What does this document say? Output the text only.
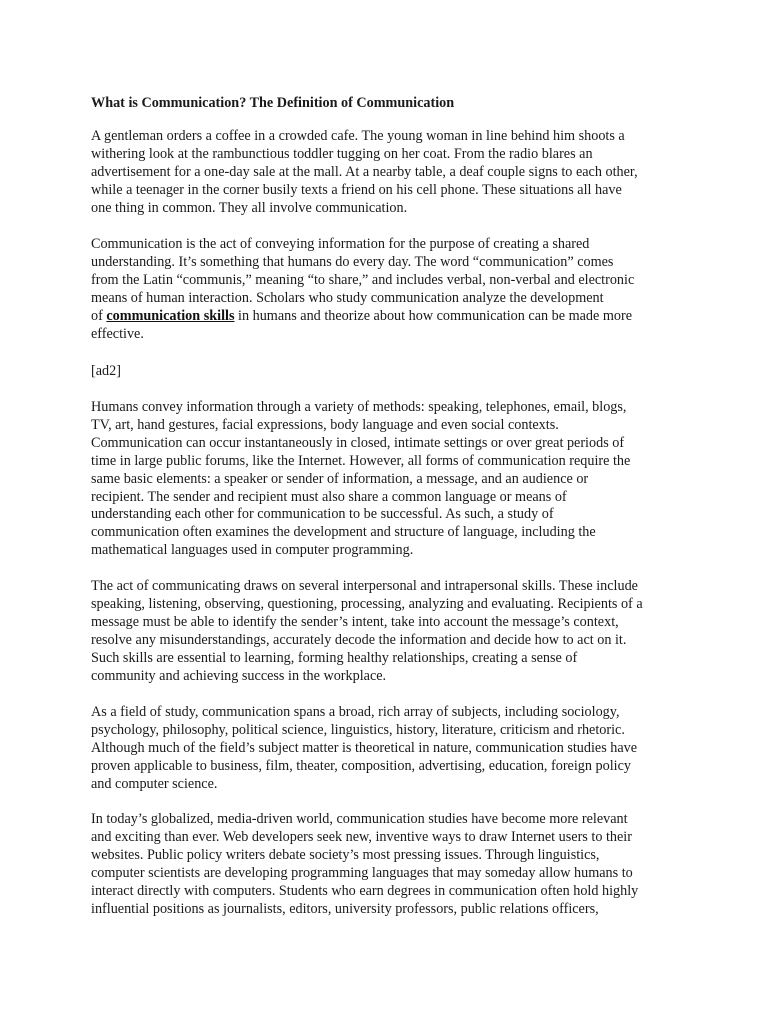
What is Communication? The Definition of Communication
A gentleman orders a coffee in a crowded cafe. The young woman in line behind him shoots a
withering look at the rambunctious toddler tugging on her coat. From the radio blares an
advertisement for a one-day sale at the mall. At a nearby table, a deaf couple signs to each other,
while a teenager in the corner busily texts a friend on his cell phone. These situations all have
one thing in common. They all involve communication.
Communication is the act of conveying information for the purpose of creating a shared
understanding. It’s something that humans do every day. The word “communication” comes
from the Latin “communis,” meaning “to share,” and includes verbal, non-verbal and electronic
means of human interaction. Scholars who study communication analyze the development
of communication skills in humans and theorize about how communication can be made more
effective.
[ad2]
Humans convey information through a variety of methods: speaking, telephones, email, blogs,
TV, art, hand gestures, facial expressions, body language and even social contexts.
Communication can occur instantaneously in closed, intimate settings or over great periods of
time in large public forums, like the Internet. However, all forms of communication require the
same basic elements: a speaker or sender of information, a message, and an audience or
recipient. The sender and recipient must also share a common language or means of
understanding each other for communication to be successful. As such, a study of
communication often examines the development and structure of language, including the
mathematical languages used in computer programming.
The act of communicating draws on several interpersonal and intrapersonal skills. These include
speaking, listening, observing, questioning, processing, analyzing and evaluating. Recipients of a
message must be able to identify the sender’s intent, take into account the message’s context,
resolve any misunderstandings, accurately decode the information and decide how to act on it.
Such skills are essential to learning, forming healthy relationships, creating a sense of
community and achieving success in the workplace.
As a field of study, communication spans a broad, rich array of subjects, including sociology,
psychology, philosophy, political science, linguistics, history, literature, criticism and rhetoric.
Although much of the field’s subject matter is theoretical in nature, communication studies have
proven applicable to business, film, theater, composition, advertising, education, foreign policy
and computer science.
In today’s globalized, media-driven world, communication studies have become more relevant
and exciting than ever. Web developers seek new, inventive ways to draw Internet users to their
websites. Public policy writers debate society’s most pressing issues. Through linguistics,
computer scientists are developing programming languages that may someday allow humans to
interact directly with computers. Students who earn degrees in communication often hold highly
influential positions as journalists, editors, university professors, public relations officers,
